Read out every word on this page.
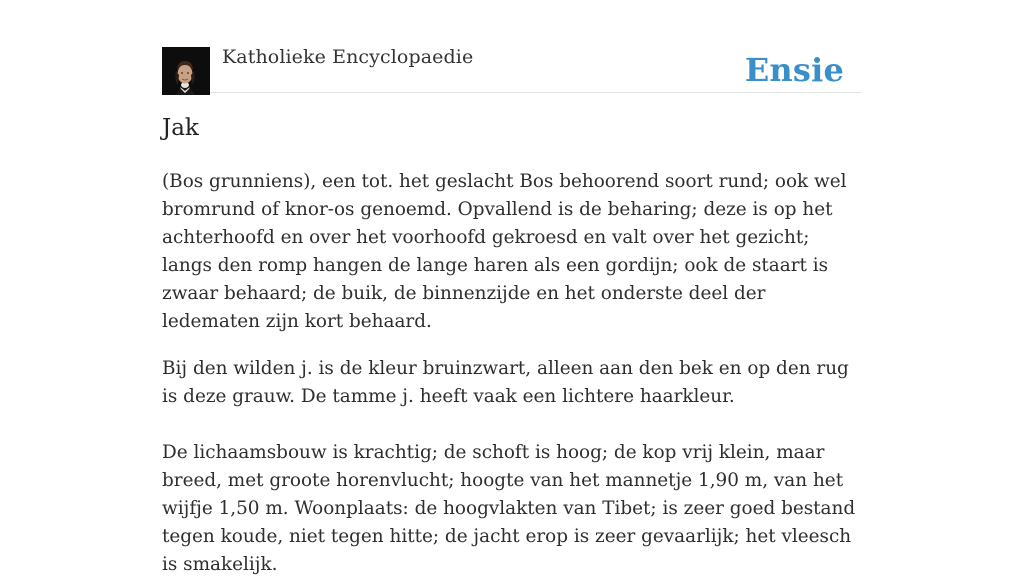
Katholieke Encyclopaedie	Ensie
Jak

(Bos grunniens), een tot. het geslacht Bos behoorend soort rund; ook wel bromrund of knor-os genoemd. Opvallend is de beharing; deze is op het achterhoofd en over het voorhoofd gekroesd en valt over het gezicht; langs den romp hangen de lange haren als een gordijn; ook de staart is zwaar behaard; de buik, de binnenzijde en het onderste deel der ledematen zijn kort behaard.

Bij den wilden j. is de kleur bruinzwart, alleen aan den bek en op den rug is deze grauw. De tamme j. heeft vaak een lichtere haarkleur.

De lichaamsbouw is krachtig; de schoft is hoog; de kop vrij klein, maar breed, met groote horenvlucht; hoogte van het mannetje 1,90 m, van het wijfje 1,50 m. Woonplaats: de hoogvlakten van Tibet; is zeer goed bestand tegen koude, niet tegen hitte; de jacht erop is zeer gevaarlijk; het vleesch is smakelijk.
